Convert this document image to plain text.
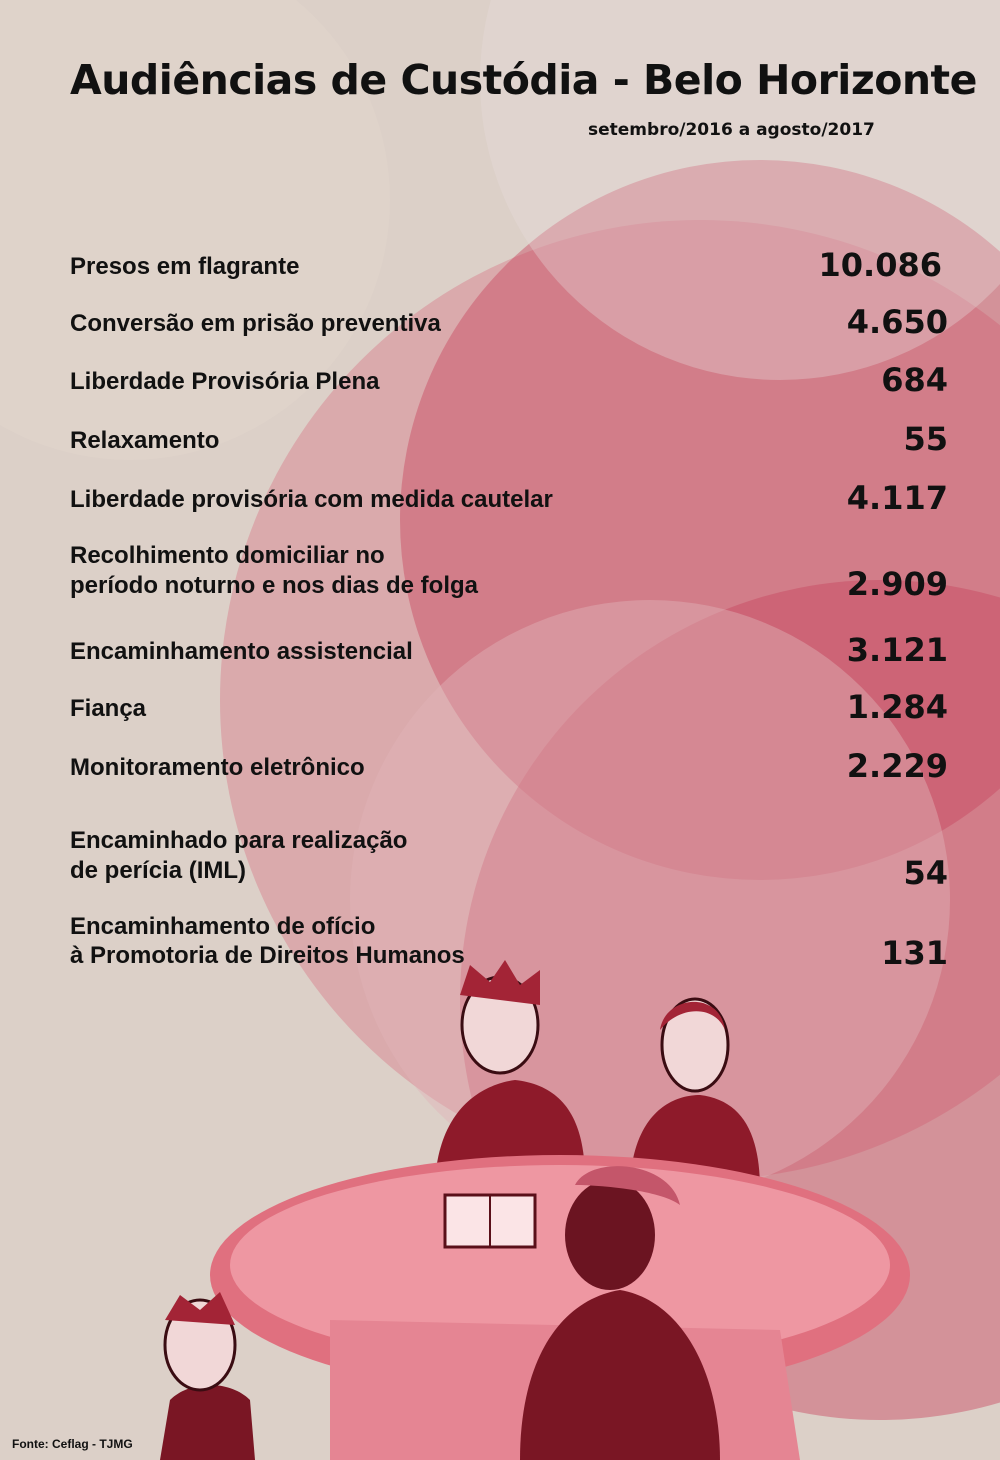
Audiências de Custódia - Belo Horizonte
setembro/2016 a agosto/2017
Presos em flagrante	10.086
Conversão em prisão preventiva	4.650
Liberdade Provisória Plena	684
Relaxamento	55
Liberdade provisória com medida cautelar	4.117
Recolhimento domiciliar no
período noturno e nos dias de folga	2.909
Encaminhamento assistencial	3.121
Fiança	1.284
Monitoramento eletrônico	2.229
Encaminhado para realização
de perícia (IML)	54
Encaminhamento de ofício
à Promotoria de Direitos Humanos	131
Fonte: Ceflag - TJMG
